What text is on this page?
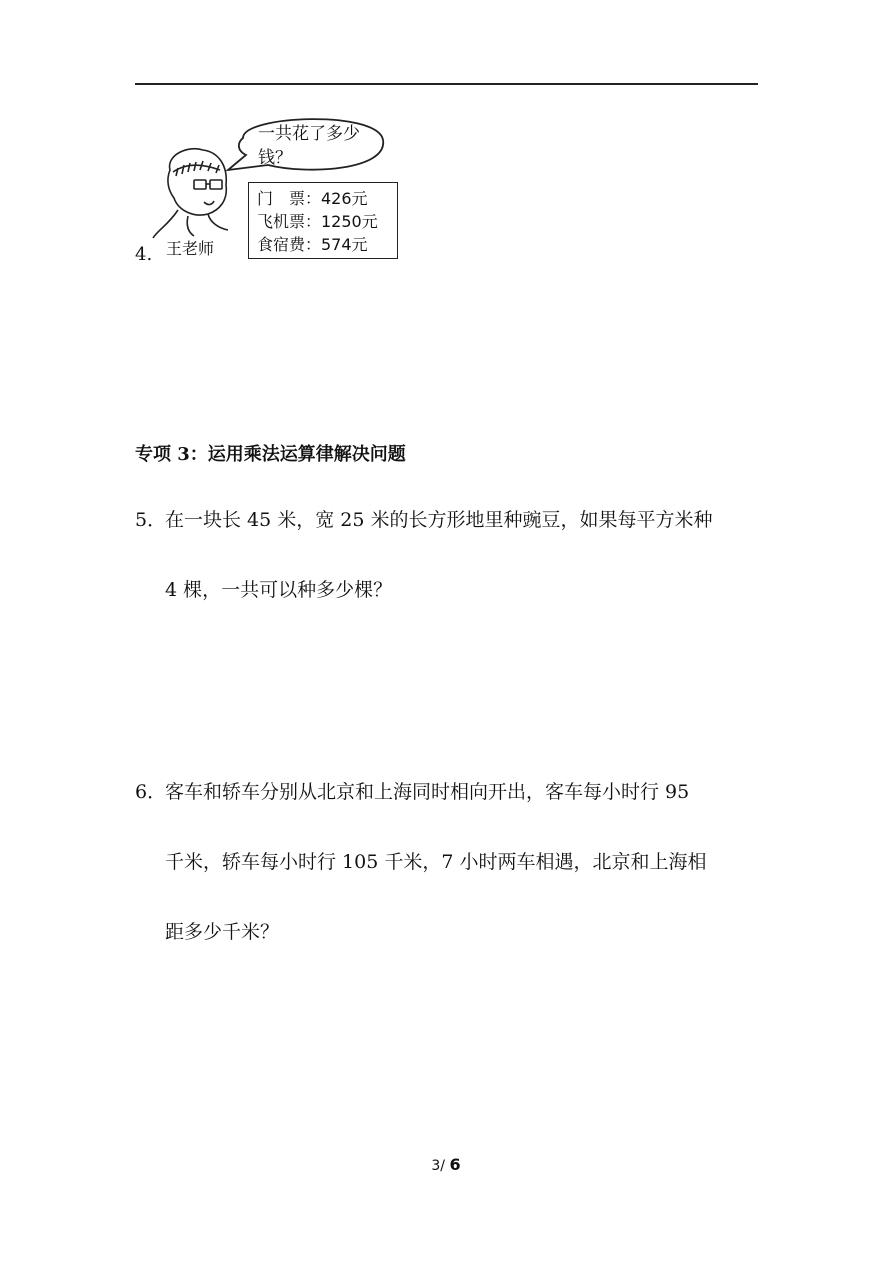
一共花了多少钱？
门　票：426元
飞机票：1250元
食宿费：574元
王老师
4.
专项 3：运用乘法运算律解决问题
5．
在一块长 45 米，宽 25 米的长方形地里种豌豆，如果每平方米种
4 棵，一共可以种多少棵？
6．
客车和轿车分别从北京和上海同时相向开出，客车每小时行 95
千米，轿车每小时行 105 千米，7 小时两车相遇，北京和上海相
距多少千米？
3/ 6
